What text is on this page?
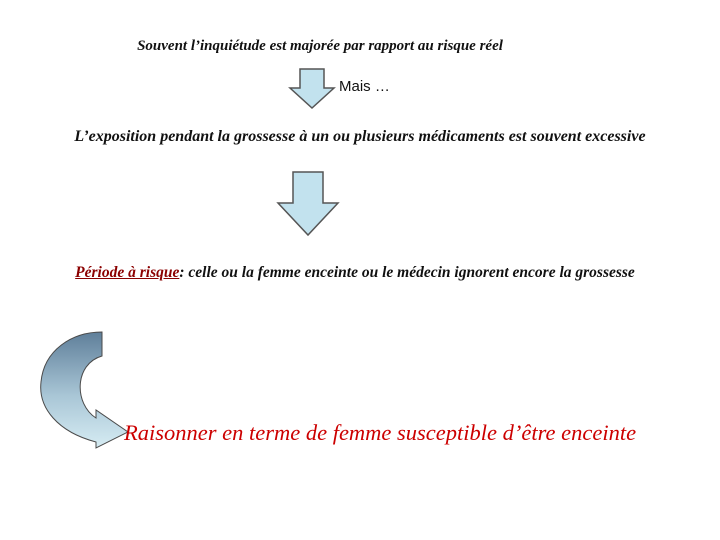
Souvent l’inquiétude est majorée par rapport au risque réel
Mais …
L’exposition pendant la grossesse à un ou plusieurs médicaments est souvent excessive
Période à risque: celle ou la femme enceinte ou le médecin ignorent encore la grossesse
Raisonner en terme de femme susceptible d’être enceinte
